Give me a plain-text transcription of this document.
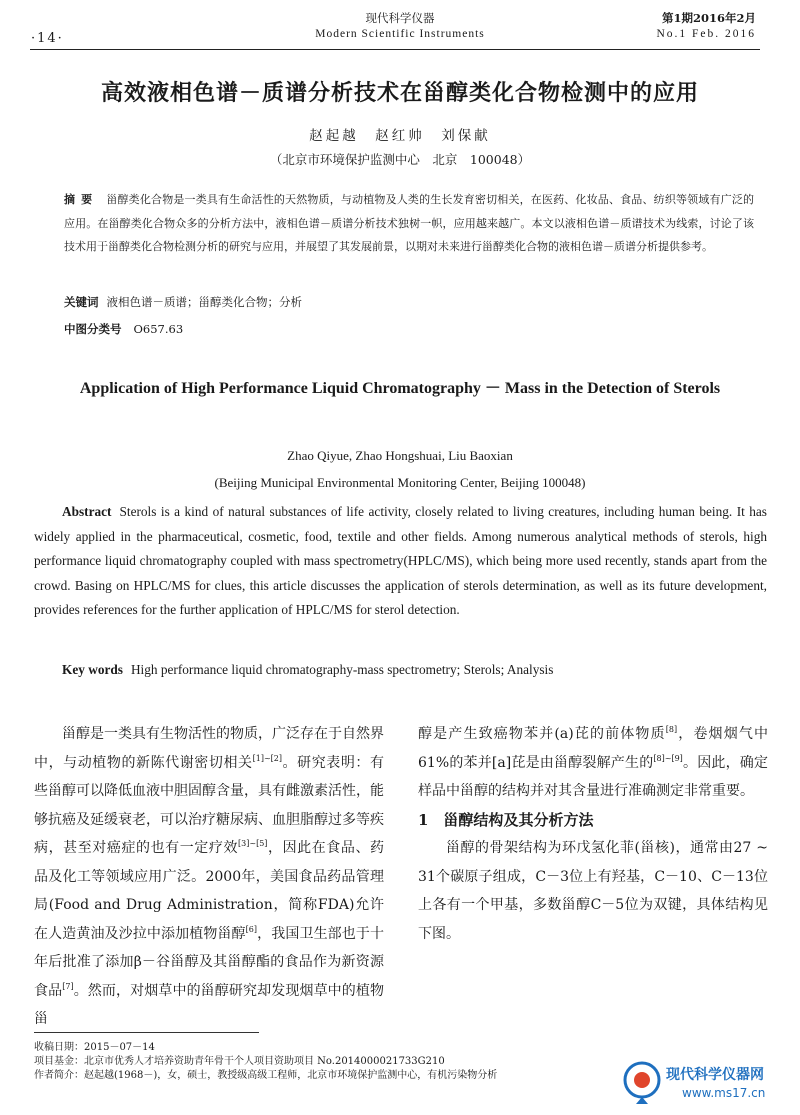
·14·
现代科学仪器
Modern Scientific Instruments
第1期2016年2月
No.1 Feb. 2016
高效液相色谱－质谱分析技术在甾醇类化合物检测中的应用
赵起越　赵红帅　刘保献
（北京市环境保护监测中心　北京　100048）
摘要 甾醇类化合物是一类具有生命活性的天然物质，与动植物及人类的生长发育密切相关，在医药、化妆品、食品、纺织等领域有广泛的应用。在甾醇类化合物众多的分析方法中，液相色谱－质谱分析技术独树一帜，应用越来越广。本文以液相色谱－质谱技术为线索，讨论了该技术用于甾醇类化合物检测分析的研究与应用，并展望了其发展前景，以期对未来进行甾醇类化合物的液相色谱－质谱分析提供参考。
关键词 液相色谱－质谱；甾醇类化合物；分析
中图分类号 O657.63
Application of High Performance Liquid Chromatography － Mass in the Detection of Sterols
Zhao Qiyue, Zhao Hongshuai, Liu Baoxian
(Beijing Municipal Environmental Monitoring Center, Beijing 100048)
Abstract Sterols is a kind of natural substances of life activity, closely related to living creatures, including human being. It has widely applied in the pharmaceutical, cosmetic, food, textile and other fields. Among numerous analytical methods of sterols, high performance liquid chromatography coupled with mass spectrometry(HPLC/MS), which being more used recently, stands apart from the crowd. Basing on HPLC/MS for clues, this article discusses the application of sterols determination, as well as its future development, provides references for the further application of HPLC/MS for sterol detection.
Key words High performance liquid chromatography-mass spectrometry; Sterols; Analysis

甾醇是一类具有生物活性的物质，广泛存在于自然界中，与动植物的新陈代谢密切相关[1]~[2]。研究表明：有些甾醇可以降低血液中胆固醇含量，具有雌激素活性，能够抗癌及延缓衰老，可以治疗糖尿病、血胆脂醇过多等疾病，甚至对癌症的也有一定疗效[3]~[5]，因此在食品、药品及化工等领域应用广泛。2000年，美国食品药品管理局(Food and Drug Administration，简称FDA)允许在人造黄油及沙拉中添加植物甾醇[6]，我国卫生部也于十年后批准了添加β－谷甾醇及其甾醇酯的食品作为新资源食品[7]。然而，对烟草中的甾醇研究却发现烟草中的植物甾

醇是产生致癌物苯并(a)芘的前体物质[8]，卷烟烟气中61%的苯并[a]芘是由甾醇裂解产生的[8]~[9]。因此，确定样品中甾醇的结构并对其含量进行准确测定非常重要。

1　甾醇结构及其分析方法

甾醇的骨架结构为环戊氢化菲(甾核)，通常由27 ~ 31个碳原子组成，C－3位上有羟基，C－10、C－13位上各有一个甲基，多数甾醇C－5位为双键，具体结构见下图。

收稿日期：2015－07－14
项目基金：北京市优秀人才培养资助青年骨干个人项目资助项目 No.2014000021733G210
作者简介：赵起越(1968－)，女，硕士，教授级高级工程师，北京市环境保护监测中心，有机污染物分析	现代科学仪器网
www.ms17.cn
